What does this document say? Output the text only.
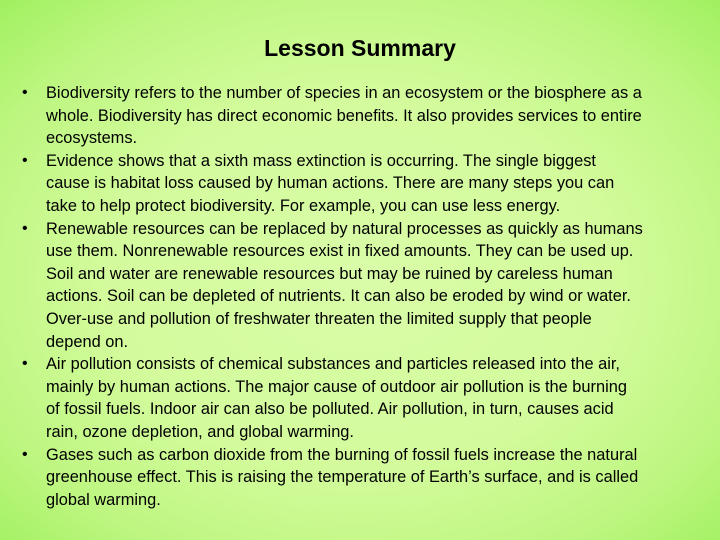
Lesson Summary
•	Biodiversity refers to the number of species in an ecosystem or the biosphere as a
whole. Biodiversity has direct economic benefits. It also provides services to entire
ecosystems.
•	Evidence shows that a sixth mass extinction is occurring. The single biggest
cause is habitat loss caused by human actions. There are many steps you can
take to help protect biodiversity. For example, you can use less energy.
•	Renewable resources can be replaced by natural processes as quickly as humans
use them. Nonrenewable resources exist in fixed amounts. They can be used up.
Soil and water are renewable resources but may be ruined by careless human
actions. Soil can be depleted of nutrients. It can also be eroded by wind or water.
Over-use and pollution of freshwater threaten the limited supply that people
depend on.
•	Air pollution consists of chemical substances and particles released into the air,
mainly by human actions. The major cause of outdoor air pollution is the burning
of fossil fuels. Indoor air can also be polluted. Air pollution, in turn, causes acid
rain, ozone depletion, and global warming.
•	Gases such as carbon dioxide from the burning of fossil fuels increase the natural
greenhouse effect. This is raising the temperature of Earth’s surface, and is called
global warming.
